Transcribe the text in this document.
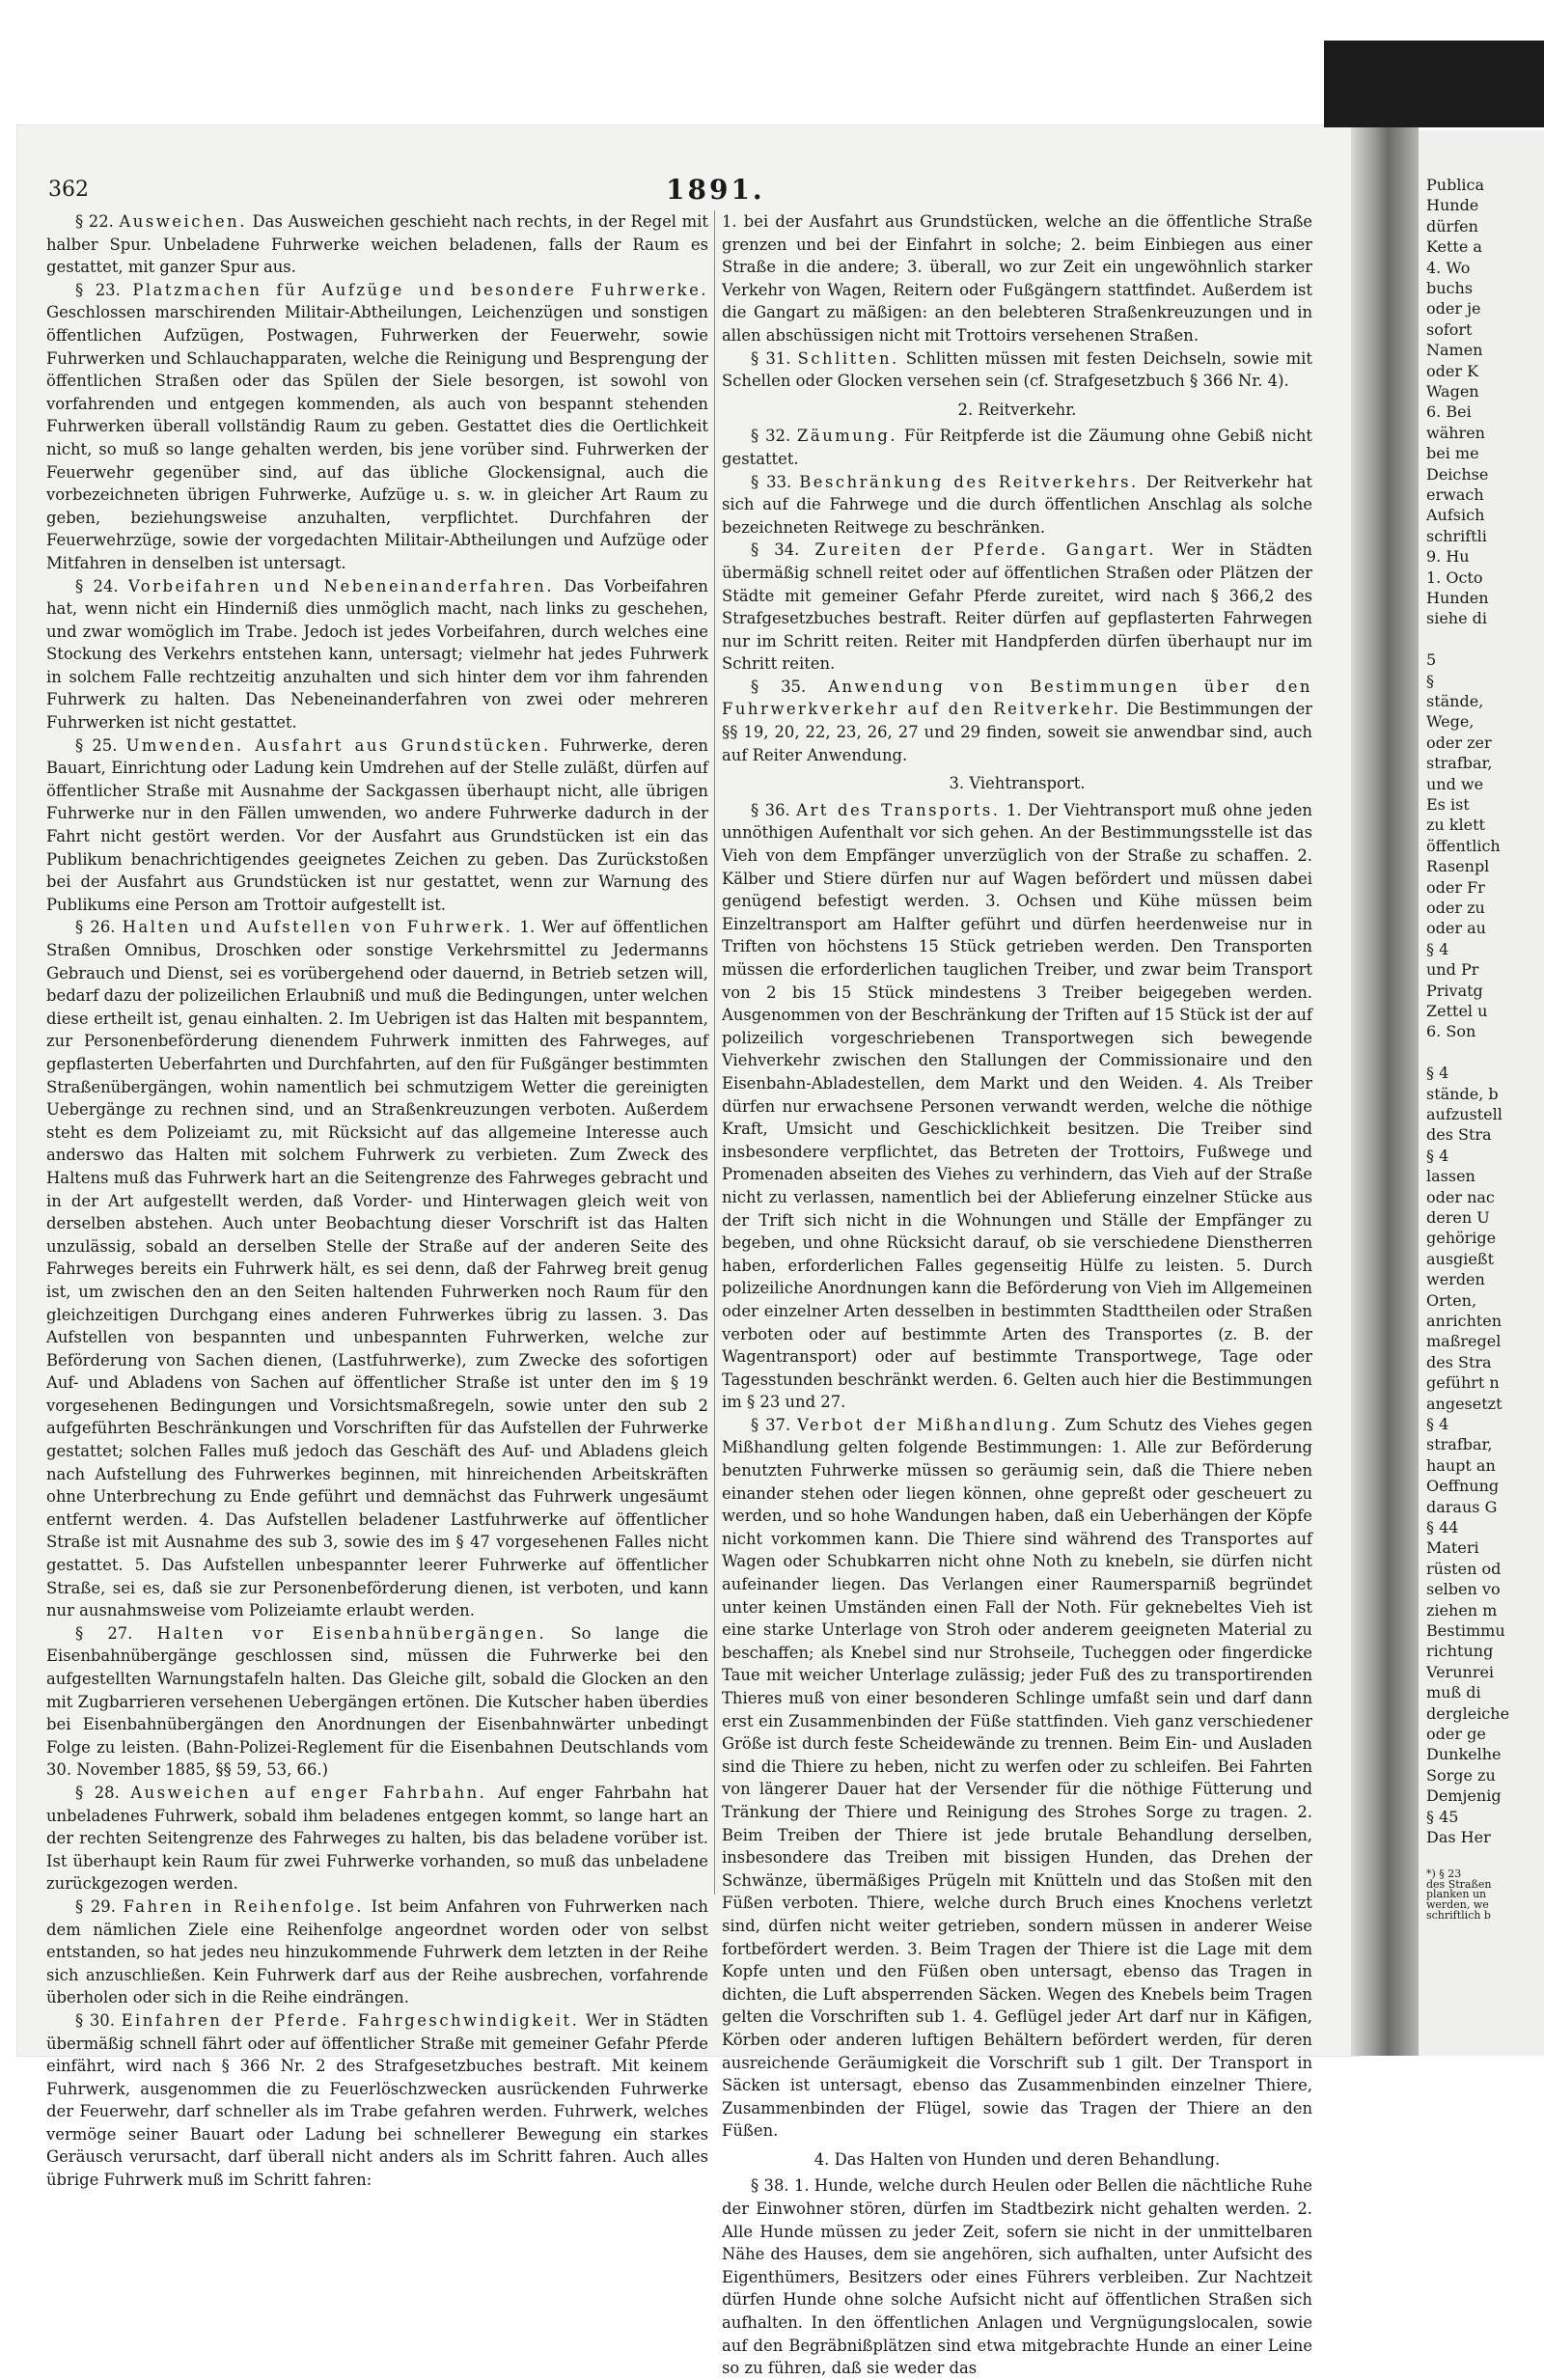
Publica
Hunde
dürfen
Kette a
4. Wo
buchs
oder je
sofort
Namen
oder K
Wagen
6. Bei
währen
bei me
Deichse
erwach
Aufsich
schriftli
9. Hu
1. Octo
Hunden
siehe di
5
§
stände,
Wege,
oder zer
strafbar,
und we
Es ist
zu klett
öffentlich
Rasenpl
oder Fr
oder zu
oder au
§ 4
und Pr
Privatg
Zettel u
6. Son
§ 4
stände, b
aufzustell
des Stra
§ 4
lassen
oder nac
deren U
gehörige
ausgießt
werden
Orten,
anrichten
maßregel
des Stra
geführt n
angesetzt
§ 4
strafbar,
haupt an
Oeffnung
daraus G
§ 44
Materi
rüsten od
selben vo
ziehen m
Bestimmu
richtung
Verunrei
muß di
dergleiche
oder ge
Dunkelhe
Sorge zu
Demjenig
§ 45
Das Her
*) § 23
des Straßen
planken un
werden, we
schriftlich b
362	1891.

§ 22. Ausweichen. Das Ausweichen geschieht nach rechts, in der Regel mit halber Spur. Unbeladene Fuhrwerke weichen beladenen, falls der Raum es gestattet, mit ganzer Spur aus.

§ 23. Platzmachen für Aufzüge und besondere Fuhrwerke. Geschlossen marschirenden Militair-Abtheilungen, Leichenzügen und sonstigen öffentlichen Aufzügen, Postwagen, Fuhrwerken der Feuerwehr, sowie Fuhrwerken und Schlauchapparaten, welche die Reinigung und Besprengung der öffentlichen Straßen oder das Spülen der Siele besorgen, ist sowohl von vorfahrenden und entgegen kommenden, als auch von bespannt stehenden Fuhrwerken überall vollständig Raum zu geben. Gestattet dies die Oertlichkeit nicht, so muß so lange gehalten werden, bis jene vorüber sind. Fuhrwerken der Feuerwehr gegenüber sind, auf das übliche Glockensignal, auch die vorbezeichneten übrigen Fuhrwerke, Aufzüge u. s. w. in gleicher Art Raum zu geben, beziehungsweise anzuhalten, verpflichtet. Durchfahren der Feuerwehrzüge, sowie der vorgedachten Militair-Abtheilungen und Aufzüge oder Mitfahren in denselben ist untersagt.

§ 24. Vorbeifahren und Nebeneinanderfahren. Das Vorbeifahren hat, wenn nicht ein Hinderniß dies unmöglich macht, nach links zu geschehen, und zwar womöglich im Trabe. Jedoch ist jedes Vorbeifahren, durch welches eine Stockung des Verkehrs entstehen kann, untersagt; vielmehr hat jedes Fuhrwerk in solchem Falle rechtzeitig anzuhalten und sich hinter dem vor ihm fahrenden Fuhrwerk zu halten. Das Nebeneinanderfahren von zwei oder mehreren Fuhrwerken ist nicht gestattet.

§ 25. Umwenden. Ausfahrt aus Grundstücken. Fuhrwerke, deren Bauart, Einrichtung oder Ladung kein Umdrehen auf der Stelle zuläßt, dürfen auf öffentlicher Straße mit Ausnahme der Sackgassen überhaupt nicht, alle übrigen Fuhrwerke nur in den Fällen umwenden, wo andere Fuhrwerke dadurch in der Fahrt nicht gestört werden. Vor der Ausfahrt aus Grundstücken ist ein das Publikum benachrichtigendes geeignetes Zeichen zu geben. Das Zurückstoßen bei der Ausfahrt aus Grundstücken ist nur gestattet, wenn zur Warnung des Publikums eine Person am Trottoir aufgestellt ist.

§ 26. Halten und Aufstellen von Fuhrwerk. 1. Wer auf öffentlichen Straßen Omnibus, Droschken oder sonstige Verkehrsmittel zu Jedermanns Gebrauch und Dienst, sei es vorübergehend oder dauernd, in Betrieb setzen will, bedarf dazu der polizeilichen Erlaubniß und muß die Bedingungen, unter welchen diese ertheilt ist, genau einhalten. 2. Im Uebrigen ist das Halten mit bespanntem, zur Personenbeförderung dienendem Fuhrwerk inmitten des Fahrweges, auf gepflasterten Ueberfahrten und Durchfahrten, auf den für Fußgänger bestimmten Straßenübergängen, wohin namentlich bei schmutzigem Wetter die gereinigten Uebergänge zu rechnen sind, und an Straßenkreuzungen verboten. Außerdem steht es dem Polizeiamt zu, mit Rücksicht auf das allgemeine Interesse auch anderswo das Halten mit solchem Fuhrwerk zu verbieten. Zum Zweck des Haltens muß das Fuhrwerk hart an die Seitengrenze des Fahrweges gebracht und in der Art aufgestellt werden, daß Vorder- und Hinterwagen gleich weit von derselben abstehen. Auch unter Beobachtung dieser Vorschrift ist das Halten unzulässig, sobald an derselben Stelle der Straße auf der anderen Seite des Fahrweges bereits ein Fuhrwerk hält, es sei denn, daß der Fahrweg breit genug ist, um zwischen den an den Seiten haltenden Fuhrwerken noch Raum für den gleichzeitigen Durchgang eines anderen Fuhrwerkes übrig zu lassen. 3. Das Aufstellen von bespannten und unbespannten Fuhrwerken, welche zur Beförderung von Sachen dienen, (Lastfuhrwerke), zum Zwecke des sofortigen Auf- und Abladens von Sachen auf öffentlicher Straße ist unter den im § 19 vorgesehenen Bedingungen und Vorsichtsmaßregeln, sowie unter den sub 2 aufgeführten Beschränkungen und Vorschriften für das Aufstellen der Fuhrwerke gestattet; solchen Falles muß jedoch das Geschäft des Auf- und Abladens gleich nach Aufstellung des Fuhrwerkes beginnen, mit hinreichenden Arbeitskräften ohne Unterbrechung zu Ende geführt und demnächst das Fuhrwerk ungesäumt entfernt werden. 4. Das Aufstellen beladener Lastfuhrwerke auf öffentlicher Straße ist mit Ausnahme des sub 3, sowie des im § 47 vorgesehenen Falles nicht gestattet. 5. Das Aufstellen unbespannter leerer Fuhrwerke auf öffentlicher Straße, sei es, daß sie zur Personenbeförderung dienen, ist verboten, und kann nur ausnahmsweise vom Polizeiamte erlaubt werden.

§ 27. Halten vor Eisenbahnübergängen. So lange die Eisenbahnübergänge geschlossen sind, müssen die Fuhrwerke bei den aufgestellten Warnungstafeln halten. Das Gleiche gilt, sobald die Glocken an den mit Zugbarrieren versehenen Uebergängen ertönen. Die Kutscher haben überdies bei Eisenbahnübergängen den Anordnungen der Eisenbahnwärter unbedingt Folge zu leisten. (Bahn-Polizei-Reglement für die Eisenbahnen Deutschlands vom 30. November 1885, §§ 59, 53, 66.)

§ 28. Ausweichen auf enger Fahrbahn. Auf enger Fahrbahn hat unbeladenes Fuhrwerk, sobald ihm beladenes entgegen kommt, so lange hart an der rechten Seitengrenze des Fahrweges zu halten, bis das beladene vorüber ist. Ist überhaupt kein Raum für zwei Fuhrwerke vorhanden, so muß das unbeladene zurückgezogen werden.

§ 29. Fahren in Reihenfolge. Ist beim Anfahren von Fuhrwerken nach dem nämlichen Ziele eine Reihenfolge angeordnet worden oder von selbst entstanden, so hat jedes neu hinzukommende Fuhrwerk dem letzten in der Reihe sich anzuschließen. Kein Fuhrwerk darf aus der Reihe ausbrechen, vorfahrende überholen oder sich in die Reihe eindrängen.

§ 30. Einfahren der Pferde. Fahrgeschwindigkeit. Wer in Städten übermäßig schnell fährt oder auf öffentlicher Straße mit gemeiner Gefahr Pferde einfährt, wird nach § 366 Nr. 2 des Strafgesetzbuches bestraft. Mit keinem Fuhrwerk, ausgenommen die zu Feuerlöschzwecken ausrückenden Fuhrwerke der Feuerwehr, darf schneller als im Trabe gefahren werden. Fuhrwerk, welches vermöge seiner Bauart oder Ladung bei schnellerer Bewegung ein starkes Geräusch verursacht, darf überall nicht anders als im Schritt fahren. Auch alles übrige Fuhrwerk muß im Schritt fahren:

1. bei der Ausfahrt aus Grundstücken, welche an die öffentliche Straße grenzen und bei der Einfahrt in solche; 2. beim Einbiegen aus einer Straße in die andere; 3. überall, wo zur Zeit ein ungewöhnlich starker Verkehr von Wagen, Reitern oder Fußgängern stattfindet. Außerdem ist die Gangart zu mäßigen: an den belebteren Straßenkreuzungen und in allen abschüssigen nicht mit Trottoirs versehenen Straßen.

§ 31. Schlitten. Schlitten müssen mit festen Deichseln, sowie mit Schellen oder Glocken versehen sein (cf. Strafgesetzbuch § 366 Nr. 4).

2. Reitverkehr.

§ 32. Zäumung. Für Reitpferde ist die Zäumung ohne Gebiß nicht gestattet.

§ 33. Beschränkung des Reitverkehrs. Der Reitverkehr hat sich auf die Fahrwege und die durch öffentlichen Anschlag als solche bezeichneten Reitwege zu beschränken.

§ 34. Zureiten der Pferde. Gangart. Wer in Städten übermäßig schnell reitet oder auf öffentlichen Straßen oder Plätzen der Städte mit gemeiner Gefahr Pferde zureitet, wird nach § 366,2 des Strafgesetzbuches bestraft. Reiter dürfen auf gepflasterten Fahrwegen nur im Schritt reiten. Reiter mit Handpferden dürfen überhaupt nur im Schritt reiten.

§ 35. Anwendung von Bestimmungen über den Fuhrwerkverkehr auf den Reitverkehr. Die Bestimmungen der §§ 19, 20, 22, 23, 26, 27 und 29 finden, soweit sie anwendbar sind, auch auf Reiter Anwendung.

3. Viehtransport.

§ 36. Art des Transports. 1. Der Viehtransport muß ohne jeden unnöthigen Aufenthalt vor sich gehen. An der Bestimmungsstelle ist das Vieh von dem Empfänger unverzüglich von der Straße zu schaffen. 2. Kälber und Stiere dürfen nur auf Wagen befördert und müssen dabei genügend befestigt werden. 3. Ochsen und Kühe müssen beim Einzeltransport am Halfter geführt und dürfen heerdenweise nur in Triften von höchstens 15 Stück getrieben werden. Den Transporten müssen die erforderlichen tauglichen Treiber, und zwar beim Transport von 2 bis 15 Stück mindestens 3 Treiber beigegeben werden. Ausgenommen von der Beschränkung der Triften auf 15 Stück ist der auf polizeilich vorgeschriebenen Transportwegen sich bewegende Viehverkehr zwischen den Stallungen der Commissionaire und den Eisenbahn-Abladestellen, dem Markt und den Weiden. 4. Als Treiber dürfen nur erwachsene Personen verwandt werden, welche die nöthige Kraft, Umsicht und Geschicklichkeit besitzen. Die Treiber sind insbesondere verpflichtet, das Betreten der Trottoirs, Fußwege und Promenaden abseiten des Viehes zu verhindern, das Vieh auf der Straße nicht zu verlassen, namentlich bei der Ablieferung einzelner Stücke aus der Trift sich nicht in die Wohnungen und Ställe der Empfänger zu begeben, und ohne Rücksicht darauf, ob sie verschiedene Dienstherren haben, erforderlichen Falles gegenseitig Hülfe zu leisten. 5. Durch polizeiliche Anordnungen kann die Beförderung von Vieh im Allgemeinen oder einzelner Arten desselben in bestimmten Stadttheilen oder Straßen verboten oder auf bestimmte Arten des Transportes (z. B. der Wagentransport) oder auf bestimmte Transportwege, Tage oder Tagesstunden beschränkt werden. 6. Gelten auch hier die Bestimmungen im § 23 und 27.

§ 37. Verbot der Mißhandlung. Zum Schutz des Viehes gegen Mißhandlung gelten folgende Bestimmungen: 1. Alle zur Beförderung benutzten Fuhrwerke müssen so geräumig sein, daß die Thiere neben einander stehen oder liegen können, ohne gepreßt oder gescheuert zu werden, und so hohe Wandungen haben, daß ein Ueberhängen der Köpfe nicht vorkommen kann. Die Thiere sind während des Transportes auf Wagen oder Schubkarren nicht ohne Noth zu knebeln, sie dürfen nicht aufeinander liegen. Das Verlangen einer Raumersparniß begründet unter keinen Umständen einen Fall der Noth. Für geknebeltes Vieh ist eine starke Unterlage von Stroh oder anderem geeigneten Material zu beschaffen; als Knebel sind nur Strohseile, Tucheggen oder fingerdicke Taue mit weicher Unterlage zulässig; jeder Fuß des zu transportirenden Thieres muß von einer besonderen Schlinge umfaßt sein und darf dann erst ein Zusammenbinden der Füße stattfinden. Vieh ganz verschiedener Größe ist durch feste Scheidewände zu trennen. Beim Ein- und Ausladen sind die Thiere zu heben, nicht zu werfen oder zu schleifen. Bei Fahrten von längerer Dauer hat der Versender für die nöthige Fütterung und Tränkung der Thiere und Reinigung des Strohes Sorge zu tragen. 2. Beim Treiben der Thiere ist jede brutale Behandlung derselben, insbesondere das Treiben mit bissigen Hunden, das Drehen der Schwänze, übermäßiges Prügeln mit Knütteln und das Stoßen mit den Füßen verboten. Thiere, welche durch Bruch eines Knochens verletzt sind, dürfen nicht weiter getrieben, sondern müssen in anderer Weise fortbefördert werden. 3. Beim Tragen der Thiere ist die Lage mit dem Kopfe unten und den Füßen oben untersagt, ebenso das Tragen in dichten, die Luft absperrenden Säcken. Wegen des Knebels beim Tragen gelten die Vorschriften sub 1. 4. Geflügel jeder Art darf nur in Käfigen, Körben oder anderen luftigen Behältern befördert werden, für deren ausreichende Geräumigkeit die Vorschrift sub 1 gilt. Der Transport in Säcken ist untersagt, ebenso das Zusammenbinden einzelner Thiere, Zusammenbinden der Flügel, sowie das Tragen der Thiere an den Füßen.

4. Das Halten von Hunden und deren Behandlung.

§ 38. 1. Hunde, welche durch Heulen oder Bellen die nächtliche Ruhe der Einwohner stören, dürfen im Stadtbezirk nicht gehalten werden. 2. Alle Hunde müssen zu jeder Zeit, sofern sie nicht in der unmittelbaren Nähe des Hauses, dem sie angehören, sich aufhalten, unter Aufsicht des Eigenthümers, Besitzers oder eines Führers verbleiben. Zur Nachtzeit dürfen Hunde ohne solche Aufsicht nicht auf öffentlichen Straßen sich aufhalten. In den öffentlichen Anlagen und Vergnügungslocalen, sowie auf den Begräbnißplätzen sind etwa mitgebrachte Hunde an einer Leine so zu führen, daß sie weder das
